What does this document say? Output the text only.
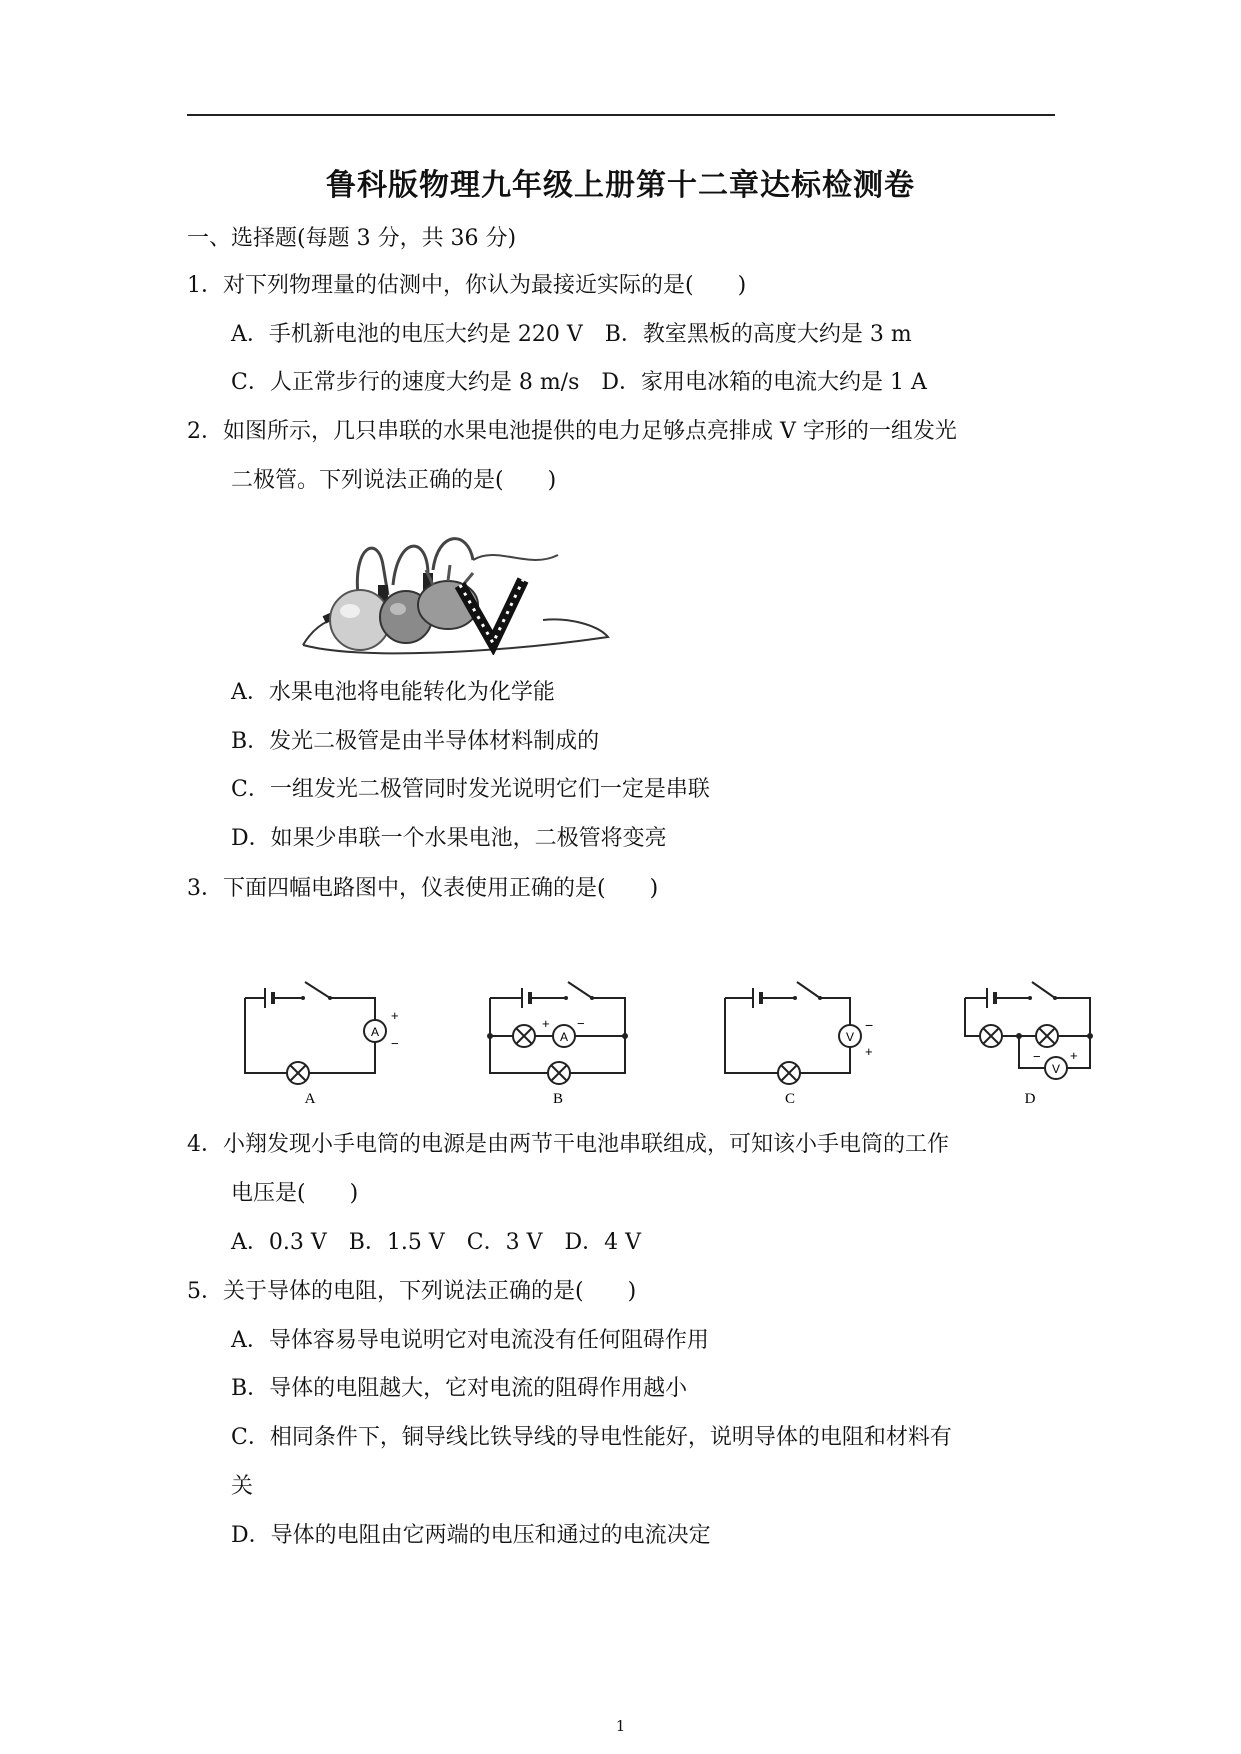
鲁科版物理九年级上册第十二章达标检测卷
一、选择题(每题 3 分，共 36 分)
1．对下列物理量的估测中，你认为最接近实际的是(　　)
A．手机新电池的电压大约是 220 V　B．教室黑板的高度大约是 3 m
C．人正常步行的速度大约是 8 m/s　D．家用电冰箱的电流大约是 1 A
2．如图所示，几只串联的水果电池提供的电力足够点亮排成 V 字形的一组发光
二极管。下列说法正确的是(　　)
A．水果电池将电能转化为化学能
B．发光二极管是由半导体材料制成的
C．一组发光二极管同时发光说明它们一定是串联
D．如果少串联一个水果电池，二极管将变亮
3．下面四幅电路图中，仪表使用正确的是(　　)
A
+
−
A
A
+ −
B
V
−
+
C
V
− +
D
4．小翔发现小手电筒的电源是由两节干电池串联组成，可知该小手电筒的工作
电压是(　　)
A．0.3 V　B．1.5 V　C．3 V　D．4 V
5．关于导体的电阻，下列说法正确的是(　　)
A．导体容易导电说明它对电流没有任何阻碍作用
B．导体的电阻越大，它对电流的阻碍作用越小
C．相同条件下，铜导线比铁导线的导电性能好，说明导体的电阻和材料有
关
D．导体的电阻由它两端的电压和通过的电流决定
1
